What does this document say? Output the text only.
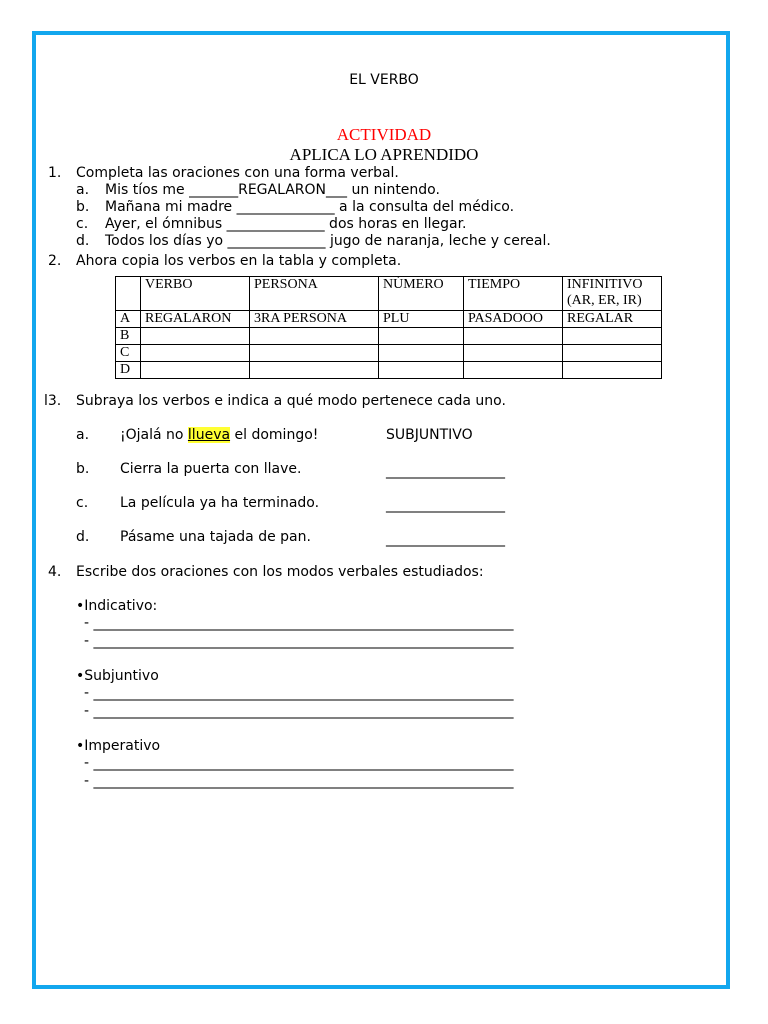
EL VERBO
ACTIVIDAD
APLICA LO APRENDIDO
1. Completa las oraciones con una forma verbal.
a. Mis tíos me _______REGALARON___ un nintendo.
b. Mañana mi madre ______________ a la consulta del médico.
c. Ayer, el ómnibus ______________ dos horas en llegar.
d. Todos los días yo ______________ jugo de naranja, leche y cereal.
2. Ahora copia los verbos en la tabla y completa.
	VERBO	PERSONA	NÚMERO	TIEMPO	INFINITIVO
(AR, ER, IR)
A	REGALARON	3RA PERSONA	PLU	PASADOOO	REGALAR
B					
C					
D					
l3. Subraya los verbos e indica a qué modo pertenece cada uno.
a. ¡Ojalá no llueva el domingo!	SUBJUNTIVO
b. Cierra la puerta con llave.	_________________
c. La película ya ha terminado.	_________________
d. Pásame una tajada de pan.	_________________
4. Escribe dos oraciones con los modos verbales estudiados:
•Indicativo:
- ____________________________________________________________
- ____________________________________________________________
•Subjuntivo
- ____________________________________________________________
- ____________________________________________________________
•Imperativo
- ____________________________________________________________
- ____________________________________________________________
